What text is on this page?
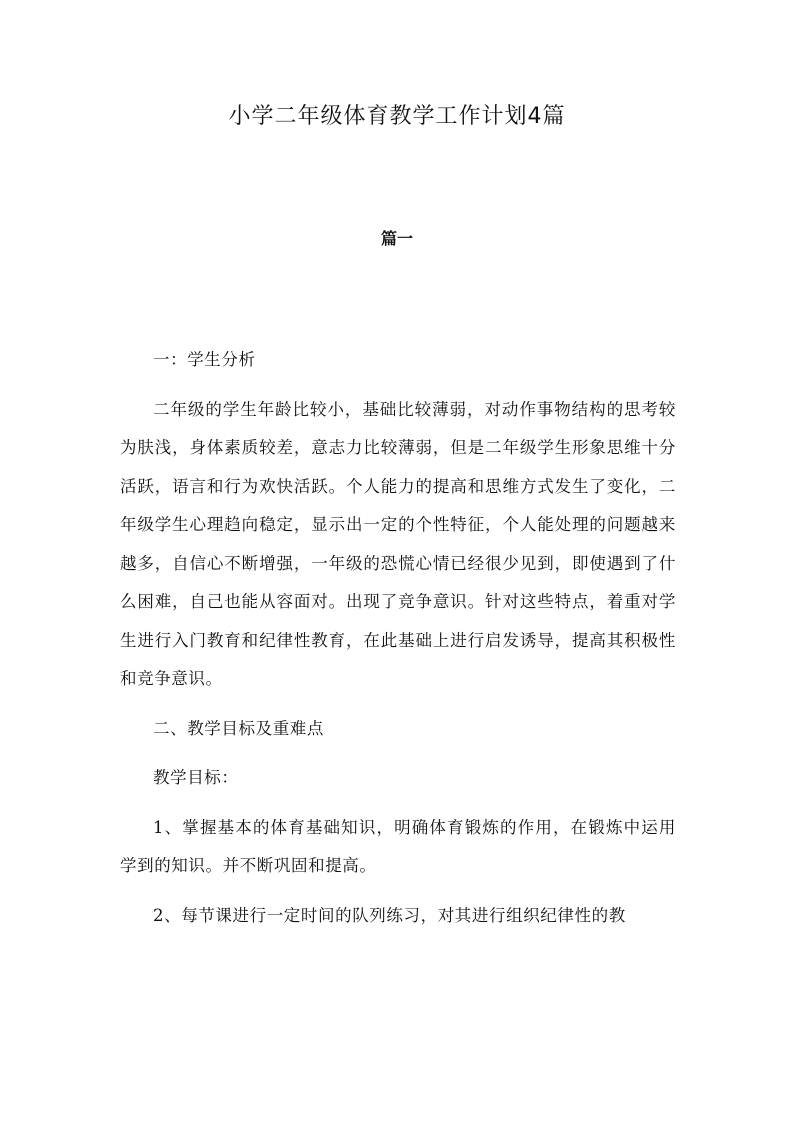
小学二年级体育教学工作计划4篇
篇一

一：学生分析

二年级的学生年龄比较小，基础比较薄弱，对动作事物结构的思考较为肤浅，身体素质较差，意志力比较薄弱，但是二年级学生形象思维十分活跃，语言和行为欢快活跃。个人能力的提高和思维方式发生了变化，二年级学生心理趋向稳定，显示出一定的个性特征，个人能处理的问题越来越多，自信心不断增强，一年级的恐慌心情已经很少见到，即使遇到了什么困难，自己也能从容面对。出现了竞争意识。针对这些特点，着重对学生进行入门教育和纪律性教育，在此基础上进行启发诱导，提高其积极性和竞争意识。

二、教学目标及重难点

教学目标：

1、掌握基本的体育基础知识，明确体育锻炼的作用，在锻炼中运用学到的知识。并不断巩固和提高。

2、每节课进行一定时间的队列练习，对其进行组织纪律性的教
